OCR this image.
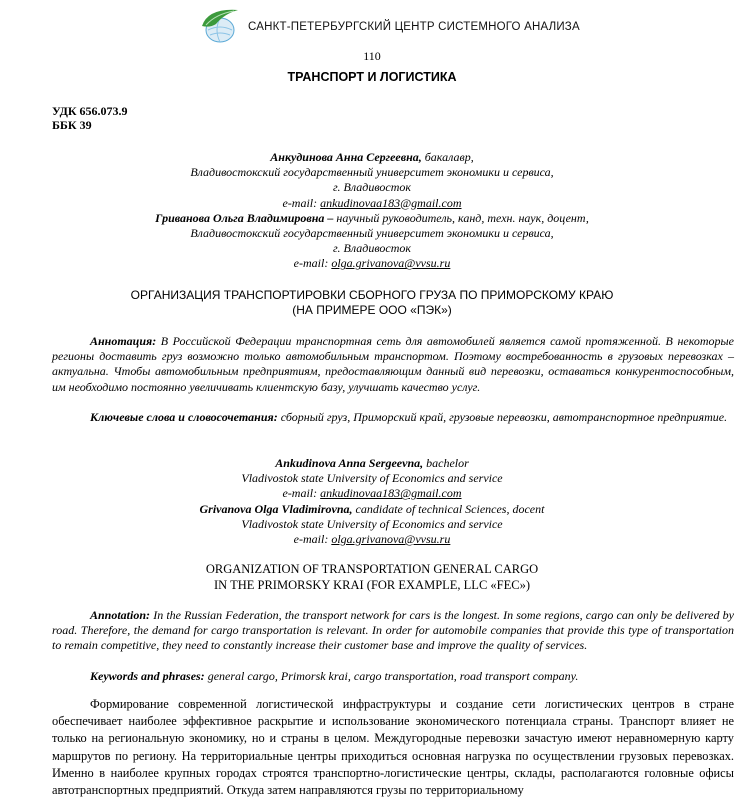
САНКТ-ПЕТЕРБУРГСКИЙ ЦЕНТР СИСТЕМНОГО АНАЛИЗА
110
ТРАНСПОРТ И ЛОГИСТИКА
УДК 656.073.9
ББК 39
Анкудинова Анна Сергеевна, бакалавр,
Владивостокский государственный университет экономики и сервиса,
г. Владивосток
e-mail: ankudinovaa183@gmail.com
Гриванова Ольга Владимировна – научный руководитель, канд, техн. наук, доцент,
Владивостокский государственный университет экономики и сервиса,
г. Владивосток
e-mail: olga.grivanova@vvsu.ru
ОРГАНИЗАЦИЯ ТРАНСПОРТИРОВКИ СБОРНОГО ГРУЗА ПО ПРИМОРСКОМУ КРАЮ
(НА ПРИМЕРЕ ООО «ПЭК»)
Аннотация: В Российской Федерации транспортная сеть для автомобилей является самой протяженной. В некоторые регионы доставить груз возможно только автомобильным транспортом. Поэтому востребованность в грузовых перевозках – актуальна. Чтобы автомобильным предприятиям, предоставляющим данный вид перевозки, оставаться конкурентоспособным, им необходимо постоянно увеличивать клиентскую базу, улучшать качество услуг.
Ключевые слова и словосочетания: сборный груз, Приморский край, грузовые перевозки, автотранспортное предприятие.
Ankudinova Anna Sergeevna, bachelor
Vladivostok state University of Economics and service
e-mail: ankudinovaa183@gmail.com
Grivanova Olga Vladimirovna, candidate of technical Sciences, docent
Vladivostok state University of Economics and service
e-mail: olga.grivanova@vvsu.ru
ORGANIZATION OF TRANSPORTATION GENERAL CARGO
IN THE PRIMORSKY KRAI (FOR EXAMPLE, LLC «FEC»)
Annotation: In the Russian Federation, the transport network for cars is the longest. In some regions, cargo can only be delivered by road. Therefore, the demand for cargo transportation is relevant. In order for automobile companies that provide this type of transportation to remain competitive, they need to constantly increase their customer base and improve the quality of services.
Keywords and phrases: general cargo, Primorsk krai, cargo transportation, road transport company.
Формирование современной логистической инфраструктуры и создание сети логистических центров в стране обеспечивает наиболее эффективное раскрытие и использование экономического потенциала страны. Транспорт влияет не только на региональную экономику, но и страны в целом. Междугородные перевозки зачастую имеют неравномерную карту маршрутов по региону. На территориальные центры приходиться основная нагрузка по осуществлении грузовых перевозках. Именно в наиболее крупных городах строятся транспортно-логистические центры, склады, располагаются головные офисы автотранспортных предприятий. Откуда затем направляются грузы по территориальному
